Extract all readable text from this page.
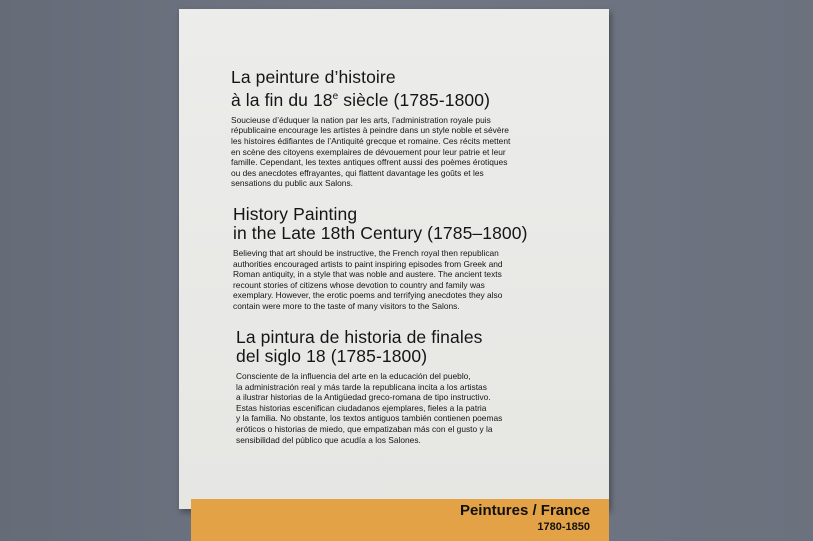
La peinture d’histoire
à la fin du 18e siècle (1785-1800)
Soucieuse d’éduquer la nation par les arts, l’administration royale puis
républicaine encourage les artistes à peindre dans un style noble et sévère
les histoires édifiantes de l’Antiquité grecque et romaine. Ces récits mettent
en scène des citoyens exemplaires de dévouement pour leur patrie et leur
famille. Cependant, les textes antiques offrent aussi des poèmes érotiques
ou des anecdotes effrayantes, qui flattent davantage les goûts et les
sensations du public aux Salons.
History Painting
in the Late 18th Century (1785–1800)
Believing that art should be instructive, the French royal then republican
authorities encouraged artists to paint inspiring episodes from Greek and
Roman antiquity, in a style that was noble and austere. The ancient texts
recount stories of citizens whose devotion to country and family was
exemplary. However, the erotic poems and terrifying anecdotes they also
contain were more to the taste of many visitors to the Salons.
La pintura de historia de finales
del siglo 18 (1785-1800)
Consciente de la influencia del arte en la educación del pueblo,
la administración real y más tarde la republicana incita a los artistas
a ilustrar historias de la Antigüedad greco-romana de tipo instructivo.
Estas historias escenifican ciudadanos ejemplares, fieles a la patria
y la familia. No obstante, los textos antiguos también contienen poemas
eróticos o historias de miedo, que empatizaban más con el gusto y la
sensibilidad del público que acudía a los Salones.
Peintures / France
1780-1850
